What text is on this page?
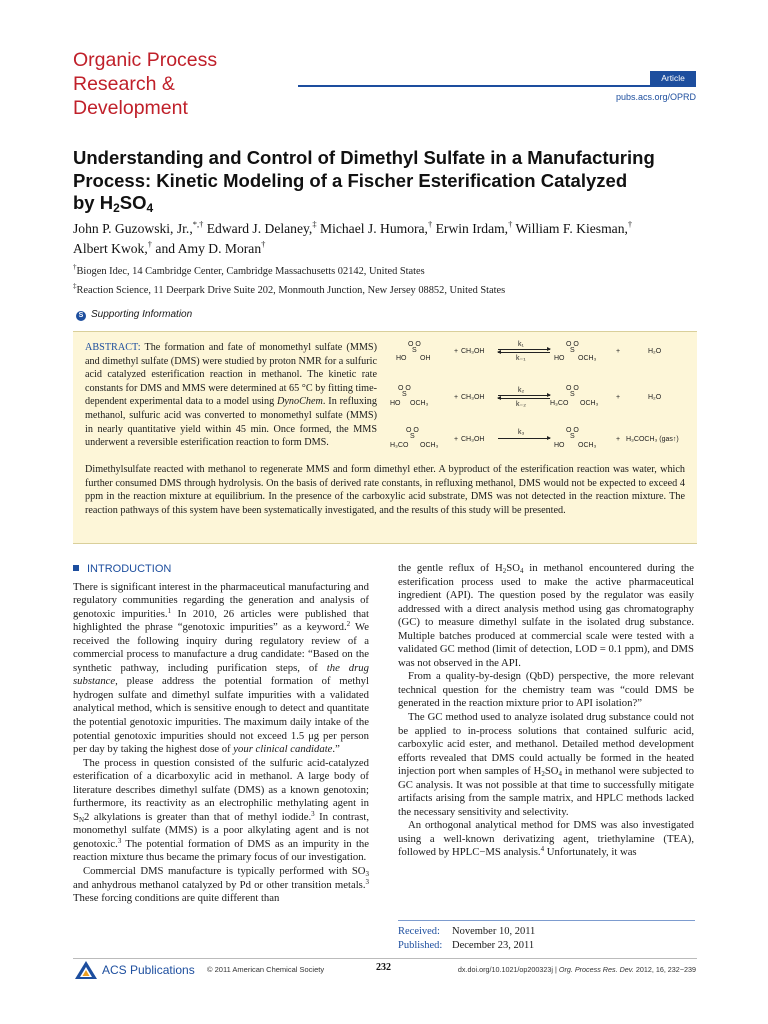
Organic Process
Research &
Development
Article
pubs.acs.org/OPRD
Understanding and Control of Dimethyl Sulfate in a Manufacturing
Process: Kinetic Modeling of a Fischer Esterification Catalyzed
by $H_2SO_4$
John P. Guzowski, Jr.,*,† Edward J. Delaney,‡ Michael J. Humora,† Erwin Irdam,† William F. Kiesman,†
Albert Kwok,† and Amy D. Moran†
†Biogen Idec, 14 Cambridge Center, Cambridge Massachusetts 02142, United States
‡Reaction Science, 11 Deerpark Drive Suite 202, Monmouth Junction, New Jersey 08852, United States
S Supporting Information
ABSTRACT: The formation and fate of monomethyl sulfate (MMS) and dimethyl sulfate (DMS) were studied by proton NMR for a sulfuric acid catalyzed esterification reaction in methanol. The kinetic rate constants for DMS and MMS were determined at 65 °C by fitting time-dependent experimental data to a model using DynoChem. In refluxing methanol, sulfuric acid was converted to monomethyl sulfate (MMS) in nearly quantitative yield within 45 min. Once formed, the MMS underwent a reversible esterification reaction to form DMS.
Dimethylsulfate reacted with methanol to regenerate MMS and form dimethyl ether. A byproduct of the esterification reaction was water, which further consumed DMS through hydrolysis. On the basis of derived rate constants, in refluxing methanol, DMS would not be expected to exceed 4 ppm in the reaction mixture at equilibrium. In the presence of the carboxylic acid substrate, DMS was not detected in the reaction mixture. The reaction pathways of this system have been systematically investigated, and the results of this study will be presented.
O O
S
HO OH
+ CH₃OH
k₁
k₋₁
O O
S
HO OCH₃
+	H₂O
O O
S
HO OCH₃
+ CH₃OH
k₂
k₋₂
O O
S
H₃CO OCH₃
+	H₂O
O O
S
H₃CO OCH₃
+ CH₃OH
k₃	O O
S
HO OCH₃
+ H₃COCH₃ (gas↑)
INTRODUCTION

There is significant interest in the pharmaceutical manufacturing and regulatory communities regarding the generation and analysis of genotoxic impurities.$^1$ In 2010, 26 articles were published that highlighted the phrase “genotoxic impurities” as a keyword.$^2$ We received the following inquiry during regulatory review of a commercial process to manufacture a drug candidate: “Based on the synthetic pathway, including purification steps, of the drug substance, please address the potential formation of methyl hydrogen sulfate and dimethyl sulfate impurities with a validated analytical method, which is sensitive enough to detect and quantitate the potential genotoxic impurities. The maximum daily intake of the potential genotoxic impurities should not exceed 1.5 μg per person per day by taking the highest dose of your clinical candidate.”

The process in question consisted of the sulfuric acid-catalyzed esterification of a dicarboxylic acid in methanol. A large body of literature describes dimethyl sulfate (DMS) as a known genotoxin; furthermore, its reactivity as an electrophilic methylating agent in $S_N2$ alkylations is greater than that of methyl iodide.$^3$ In contrast, monomethyl sulfate (MMS) is a poor alkylating agent and is not genotoxic.$^3$ The potential formation of DMS as an impurity in the reaction mixture thus became the primary focus of our investigation.

Commercial DMS manufacture is typically performed with $SO_3$ and anhydrous methanol catalyzed by Pd or other transition metals.$^3$ These forcing conditions are quite different than

the gentle reflux of $H_2SO_4$ in methanol encountered during the esterification process used to make the active pharmaceutical ingredient (API). The question posed by the regulator was easily addressed with a direct analysis method using gas chromatography (GC) to measure dimethyl sulfate in the isolated drug substance. Multiple batches produced at commercial scale were tested with a validated GC method (limit of detection, LOD = 0.1 ppm), and DMS was not observed in the API.

From a quality-by-design (QbD) perspective, the more relevant technical question for the chemistry team was “could DMS be generated in the reaction mixture prior to API isolation?”

The GC method used to analyze isolated drug substance could not be applied to in-process solutions that contained sulfuric acid, carboxylic acid ester, and methanol. Detailed method development efforts revealed that DMS could actually be formed in the heated injection port when samples of $H_2SO_4$ in methanol were subjected to GC analysis. It was not possible at that time to successfully mitigate artifacts arising from the sample matrix, and HPLC methods lacked the necessary sensitivity and selectivity.

An orthogonal analytical method for DMS was also investigated using a well-known derivatizing agent, triethylamine (TEA), followed by HPLC−MS analysis.$^4$ Unfortunately, it was

Received: November 10, 2011
Published: December 23, 2011
ACS Publications © 2011 American Chemical Society	232	dx.doi.org/10.1021/op200323j | Org. Process Res. Dev. 2012, 16, 232−239
